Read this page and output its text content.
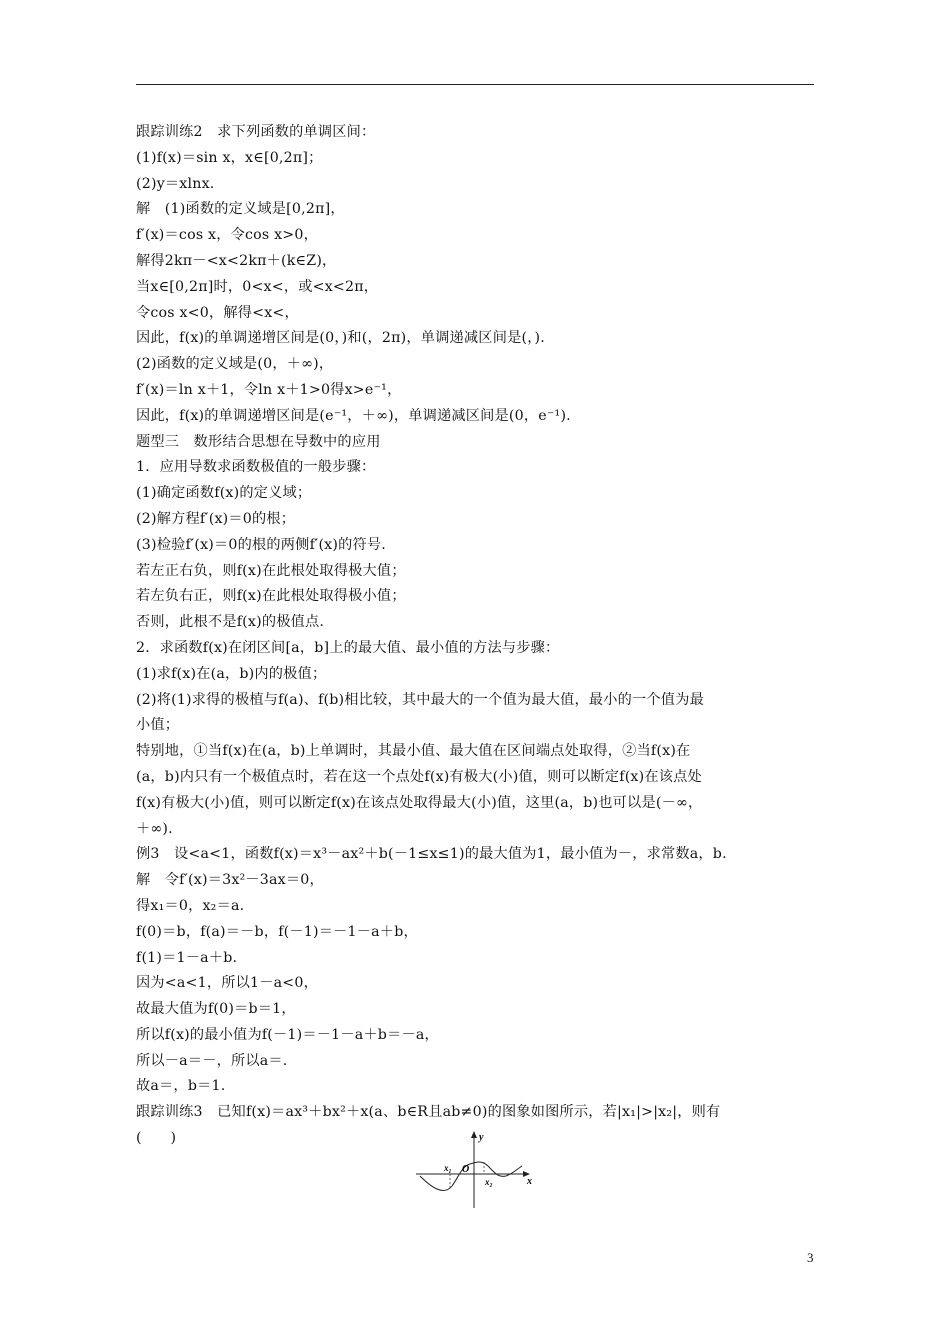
跟踪训练2　求下列函数的单调区间：
(1)f(x)＝sin x，x∈[0,2π]；
(2)y＝xlnx.
解　(1)函数的定义域是[0,2π]，
f′(x)＝cos x，令cos x>0，
解得2kπ－<x<2kπ＋(k∈Z)，
当x∈[0,2π]时，0<x<，或<x<2π，
令cos x<0，解得<x<，
因此，f(x)的单调递增区间是(0，)和(，2π)，单调递减区间是(，).
(2)函数的定义域是(0，＋∞)，
f′(x)＝ln x＋1，令ln x＋1>0得x>e⁻¹，
因此，f(x)的单调递增区间是(e⁻¹，＋∞)，单调递减区间是(0，e⁻¹).
题型三　数形结合思想在导数中的应用
1．应用导数求函数极值的一般步骤：
(1)确定函数f(x)的定义域；
(2)解方程f′(x)＝0的根；
(3)检验f′(x)＝0的根的两侧f′(x)的符号.
若左正右负，则f(x)在此根处取得极大值；
若左负右正，则f(x)在此根处取得极小值；
否则，此根不是f(x)的极值点.
2．求函数f(x)在闭区间[a，b]上的最大值、最小值的方法与步骤：
(1)求f(x)在(a，b)内的极值；
(2)将(1)求得的极植与f(a)、f(b)相比较，其中最大的一个值为最大值，最小的一个值为最
小值；
特别地，①当f(x)在(a，b)上单调时，其最小值、最大值在区间端点处取得，②当f(x)在
(a，b)内只有一个极值点时，若在这一个点处f(x)有极大(小)值，则可以断定f(x)在该点处
f(x)有极大(小)值，则可以断定f(x)在该点处取得最大(小)值，这里(a，b)也可以是(－∞，
＋∞).
例3　设<a<1，函数f(x)＝x³－ax²＋b(－1≤x≤1)的最大值为1，最小值为－，求常数a，b.
解　令f′(x)＝3x²－3ax＝0，
得x₁＝0，x₂＝a.
f(0)＝b，f(a)＝－b，f(－1)＝－1－a＋b，
f(1)＝1－a＋b.
因为<a<1，所以1－a<0，
故最大值为f(0)＝b＝1，
所以f(x)的最小值为f(－1)＝－1－a＋b＝－a，
所以－a＝－，所以a＝.
故a＝，b＝1.
跟踪训练3　已知f(x)＝ax³＋bx²＋x(a、b∈R且ab≠0)的图象如图所示，若|x₁|>|x₂|，则有
(　　)	y
x
O
x₁
x₂
3
